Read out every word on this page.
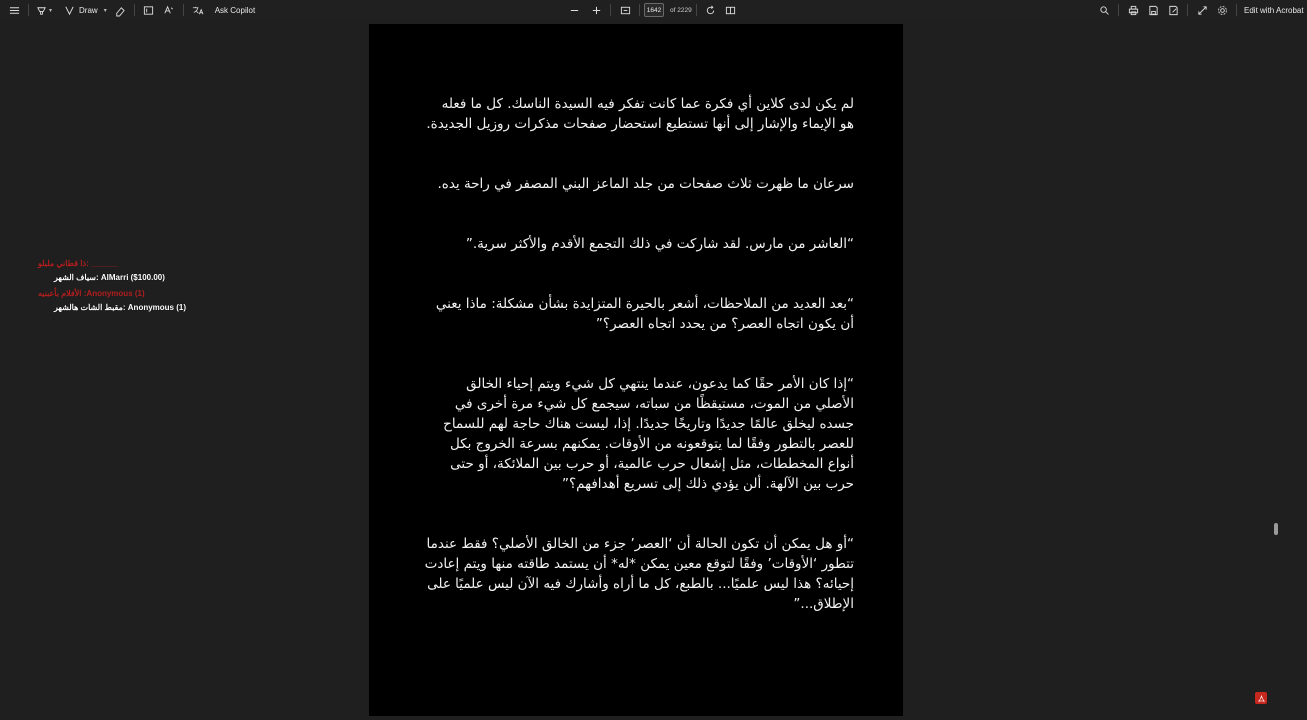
▾	Draw ▾	Ask Copilot	1642	of 2229	Edit with Acrobat
‏:ذا قطاني ملبلو ______
سياف الشهر: AlMarri ($100.00)
الأفلام بأعبنيه :Anonymous (1)
مقبط الشات هالشهر: Anonymous (1)

لم يكن لدى كلاين أي فكرة عما كانت تفكر فيه السيدة الناسك. كل ما فعله هو الإيماء والإشار إلى أنها تستطيع استحضار صفحات مذكرات روزيل الجديدة.

سرعان ما ظهرت ثلاث صفحات من جلد الماعز البني المصفر في راحة يده.

“العاشر من مارس. لقد شاركت في ذلك التجمع الأقدم والأكثر سرية.”

“بعد العديد من الملاحظات، أشعر بالحيرة المتزايدة بشأن مشكلة: ماذا يعني أن يكون اتجاه العصر؟ من يحدد اتجاه العصر؟”

“إذا كان الأمر حقًا كما يدعون، عندما ينتهي كل شيء ويتم إحياء الخالق الأصلي من الموت، مستيقظًا من سباته، سيجمع كل شيء مرة أخرى في جسده ليخلق عالمًا جديدًا وتاريخًا جديدًا. إذا، ليست هناك حاجة لهم للسماح للعصر بالتطور وفقًا لما يتوقعونه من الأوقات. يمكنهم بسرعة الخروج بكل أنواع المخططات، مثل إشعال حرب عالمية، أو حرب بين الملائكة، أو حتى حرب بين الآلهة. ألن يؤدي ذلك إلى تسريع أهدافهم؟”

“أو هل يمكن أن تكون الحالة أن ‘العصر’ جزء من الخالق الأصلي؟ فقط عندما تتطور ‘الأوقات’ وفقًا لتوقع معين يمكن *له* أن يستمد طاقته منها ويتم إعادت إحيائه؟ هذا ليس علميًا... بالطبع، كل ما أراه وأشارك فيه الآن ليس علميًا على الإطلاق...”
